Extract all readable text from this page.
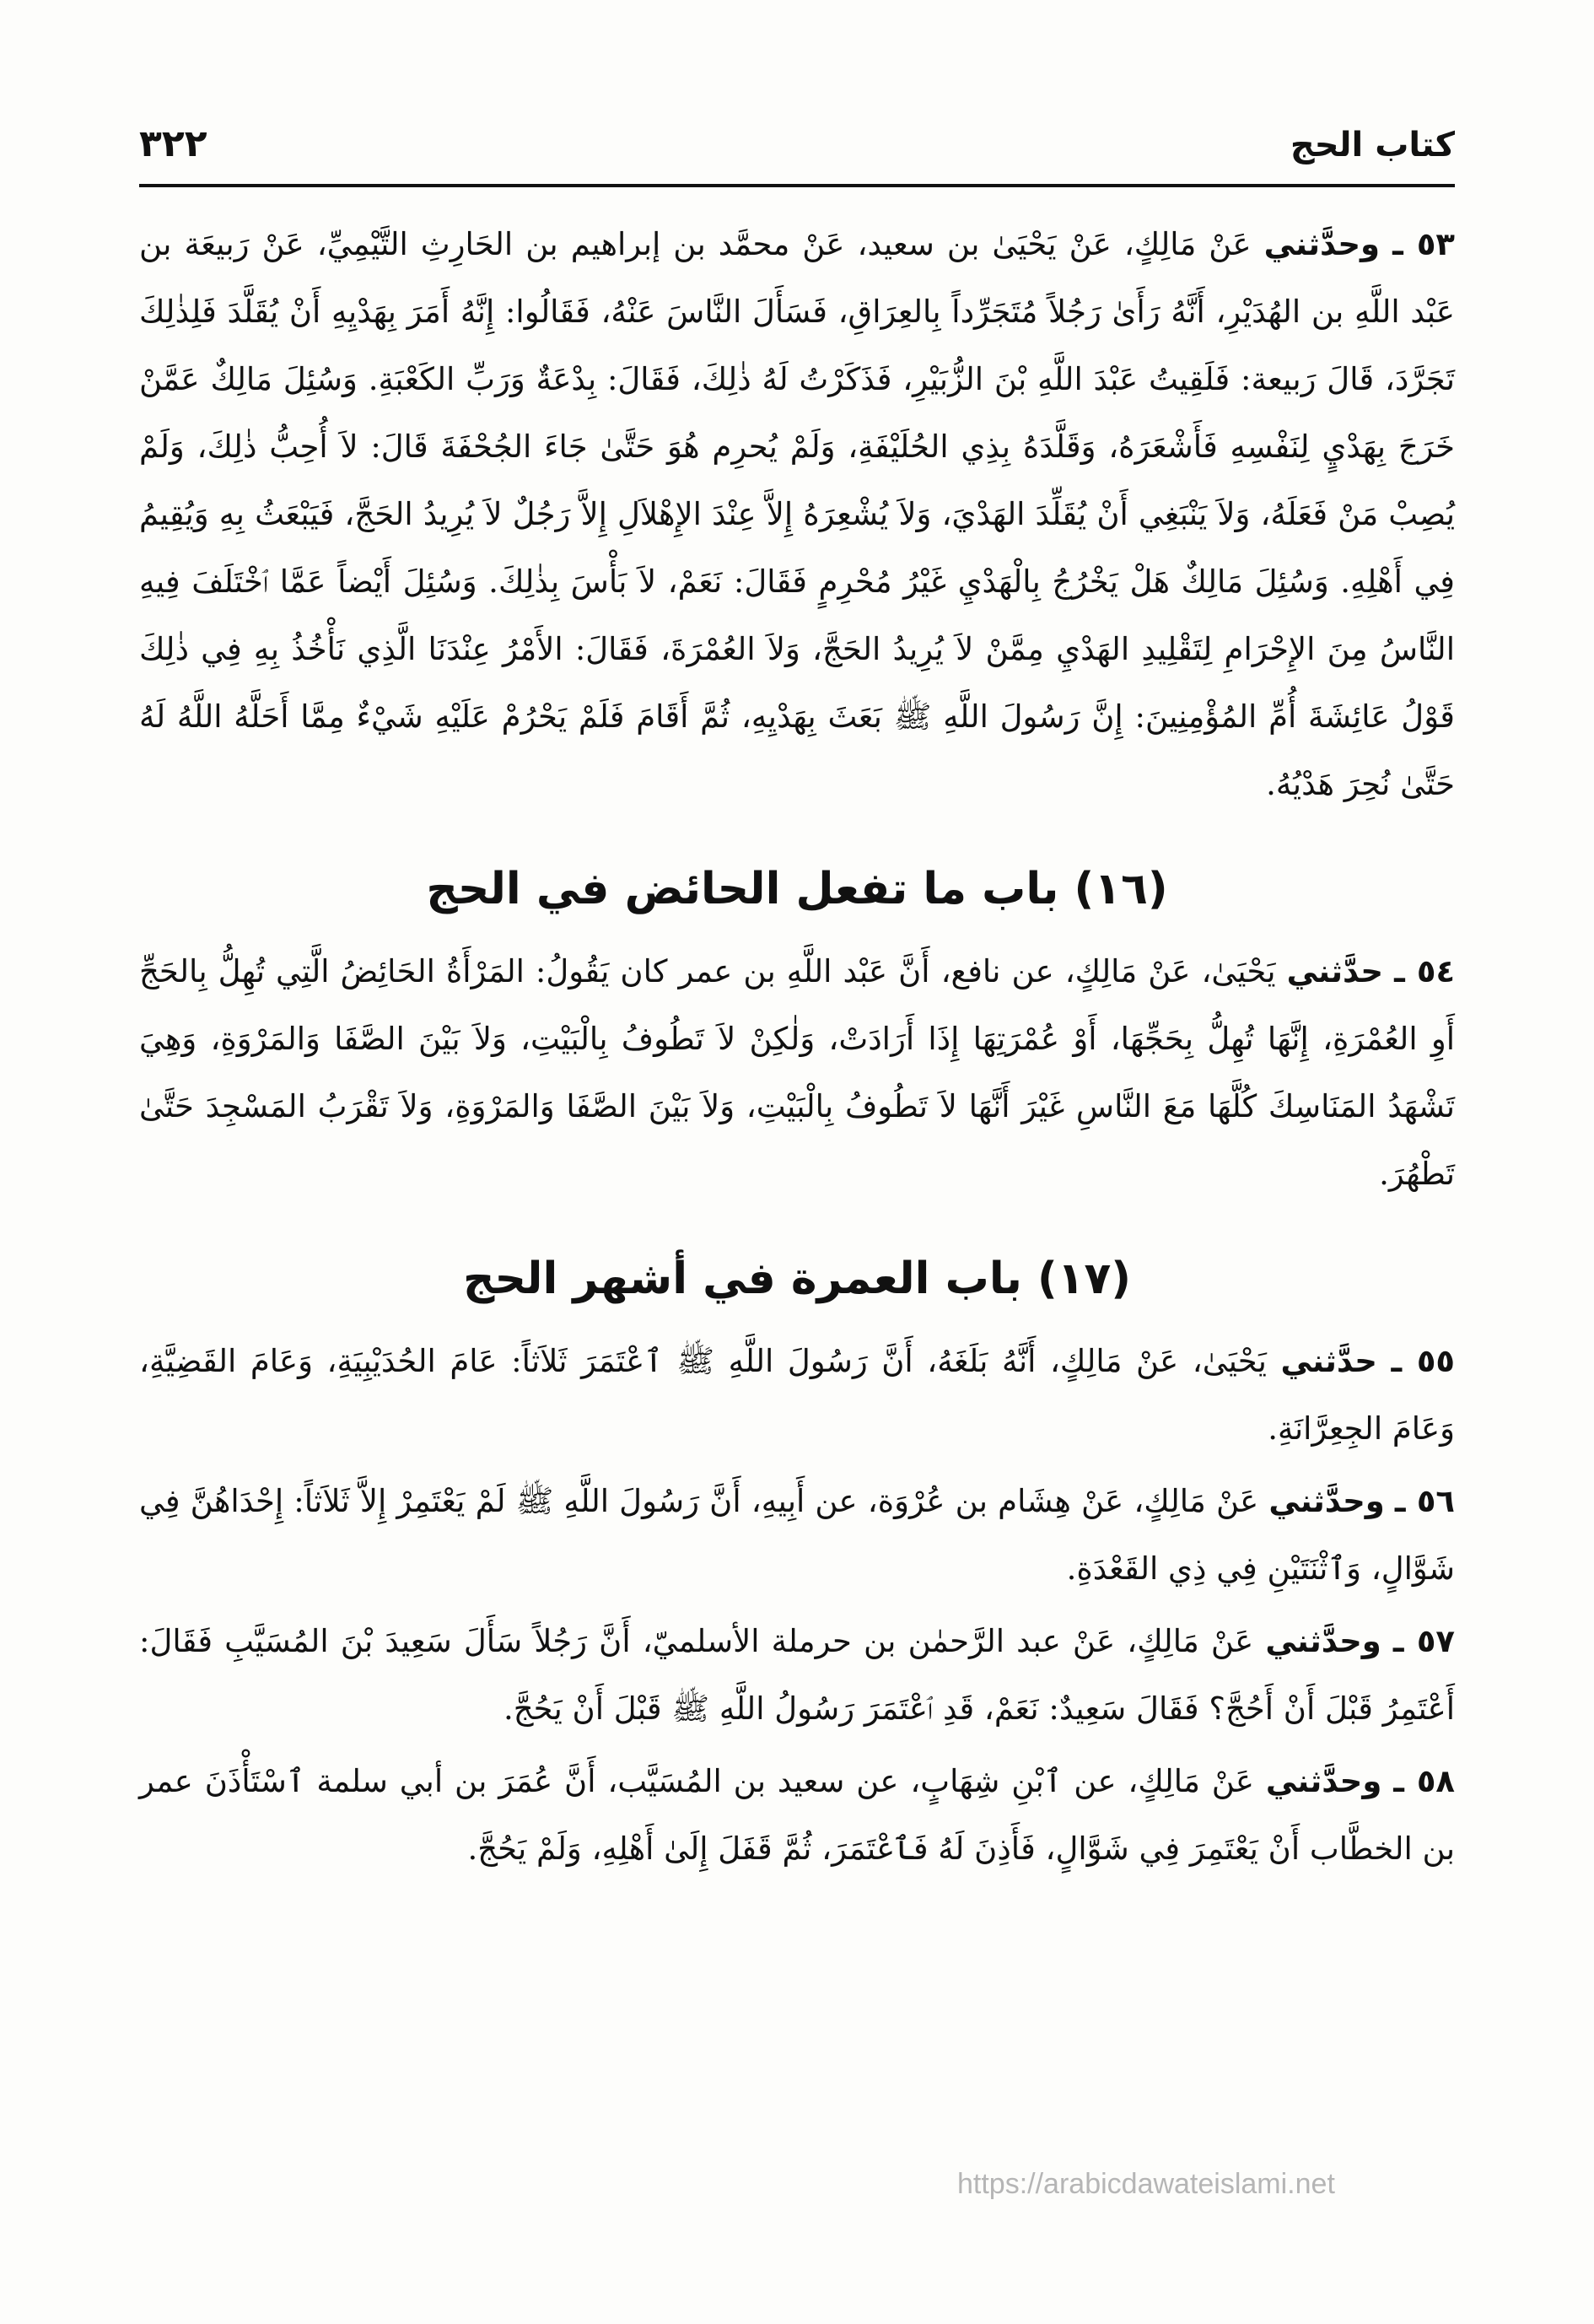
كتاب الحج
٣٢٢

٥٣ ـ وحدَّثني عَنْ مَالِكٍ، عَنْ يَحْيَىٰ بن سعيد، عَنْ محمَّد بن إبراهيم بن الحَارِثِ التَّيْمِيِّ، عَنْ رَبيعَة بن عَبْد اللَّهِ بن الهُدَيْرِ، أَنَّهُ رَأَىٰ رَجُلاً مُتَجَرِّداً بِالعِرَاقِ، فَسَأَلَ النَّاسَ عَنْهُ، فَقَالُوا: إِنَّهُ أَمَرَ بِهَدْيِهِ أَنْ يُقَلَّدَ فَلِذٰلِكَ تَجَرَّدَ، قَالَ رَبيعة: فَلَقِيتُ عَبْدَ اللَّهِ بْنَ الزُّبَيْرِ، فَذَكَرْتُ لَهُ ذٰلِكَ، فَقَالَ: بِدْعَةٌ وَرَبِّ الكَعْبَةِ. وَسُئِلَ مَالِكٌ عَمَّنْ خَرَجَ بِهَدْيٍ لِنَفْسِهِ فَأَشْعَرَهُ، وَقَلَّدَهُ بِذِي الحُلَيْفَةِ، وَلَمْ يُحرِم هُوَ حَتَّىٰ جَاءَ الجُحْفَةَ قَالَ: لاَ أُحِبُّ ذٰلِكَ، وَلَمْ يُصِبْ مَنْ فَعَلَهُ، وَلاَ يَنْبَغِي أَنْ يُقَلِّدَ الهَدْيَ، وَلاَ يُشْعِرَهُ إِلاَّ عِنْدَ الإِهْلاَلِ إِلاَّ رَجُلٌ لاَ يُرِيدُ الحَجَّ، فَيَبْعَثُ بِهِ وَيُقِيمُ فِي أَهْلِهِ. وَسُئِلَ مَالِكٌ هَلْ يَخْرُجُ بِالْهَدْيِ غَيْرُ مُحْرِمٍ فَقَالَ: نَعَمْ، لاَ بَأْسَ بِذٰلِكَ. وَسُئِلَ أَيْضاً عَمَّا ٱخْتَلَفَ فِيهِ النَّاسُ مِنَ الإِحْرَامِ لِتَقْلِيدِ الهَدْيِ مِمَّنْ لاَ يُرِيدُ الحَجَّ، وَلاَ العُمْرَةَ، فَقَالَ: الأَمْرُ عِنْدَنَا الَّذِي نَأْخُذُ بِهِ فِي ذٰلِكَ قَوْلُ عَائِشَةَ أُمِّ المُؤْمِنِينَ: إِنَّ رَسُولَ اللَّهِ ﷺ بَعَثَ بِهَدْيِهِ، ثُمَّ أَقَامَ فَلَمْ يَحْرُمْ عَلَيْهِ شَيْءٌ مِمَّا أَحَلَّهُ اللَّهُ لَهُ حَتَّىٰ نُحِرَ هَدْيُهُ.

(١٦) باب ما تفعل الحائض في الحج

٥٤ ـ حدَّثني يَحْيَىٰ، عَنْ مَالِكٍ، عن نافع، أَنَّ عَبْد اللَّهِ بن عمر كان يَقُولُ: المَرْأَةُ الحَائِضُ الَّتِي تُهِلُّ بِالحَجِّ أَوِ العُمْرَةِ، إِنَّهَا تُهِلُّ بِحَجِّهَا، أَوْ عُمْرَتِهَا إِذَا أَرَادَتْ، وَلٰكِنْ لاَ تَطُوفُ بِالْبَيْتِ، وَلاَ بَيْنَ الصَّفَا وَالمَرْوَةِ، وَهِيَ تَشْهَدُ المَنَاسِكَ كُلَّهَا مَعَ النَّاسِ غَيْرَ أَنَّهَا لاَ تَطُوفُ بِالْبَيْتِ، وَلاَ بَيْنَ الصَّفَا وَالمَرْوَةِ، وَلاَ تَقْرَبُ المَسْجِدَ حَتَّىٰ تَطْهُرَ.

(١٧) باب العمرة في أشهر الحج

٥٥ ـ حدَّثني يَحْيَىٰ، عَنْ مَالِكٍ، أَنَّهُ بَلَغَهُ، أَنَّ رَسُولَ اللَّهِ ﷺ ٱعْتَمَرَ ثَلاَثاً: عَامَ الحُدَيْبِيَةِ، وَعَامَ القَضِيَّةِ، وَعَامَ الجِعِرَّانَةِ.

٥٦ ـ وحدَّثني عَنْ مَالِكٍ، عَنْ هِشَام بن عُرْوَة، عن أَبِيهِ، أَنَّ رَسُولَ اللَّهِ ﷺ لَمْ يَعْتَمِرْ إِلاَّ ثَلاَثاً: إِحْدَاهُنَّ فِي شَوَّالٍ، وَٱثْنَتَيْنِ فِي ذِي القَعْدَةِ.

٥٧ ـ وحدَّثني عَنْ مَالِكٍ، عَنْ عبد الرَّحمٰن بن حرملة الأسلميّ، أَنَّ رَجُلاً سَأَلَ سَعِيدَ بْنَ المُسَيَّبِ فَقَالَ: أَعْتَمِرُ قَبْلَ أَنْ أَحُجَّ؟ فَقَالَ سَعِيدٌ: نَعَمْ، قَدِ ٱعْتَمَرَ رَسُولُ اللَّهِ ﷺ قَبْلَ أَنْ يَحُجَّ.

٥٨ ـ وحدَّثني عَنْ مَالِكٍ، عن ٱبْنِ شِهَابٍ، عن سعيد بن المُسَيَّب، أَنَّ عُمَرَ بن أبي سلمة ٱسْتَأْذَنَ عمر بن الخطَّاب أَنْ يَعْتَمِرَ فِي شَوَّالٍ، فَأَذِنَ لَهُ فَٱعْتَمَرَ، ثُمَّ قَفَلَ إِلَىٰ أَهْلِهِ، وَلَمْ يَحُجَّ.

https://arabicdawateislami.net
